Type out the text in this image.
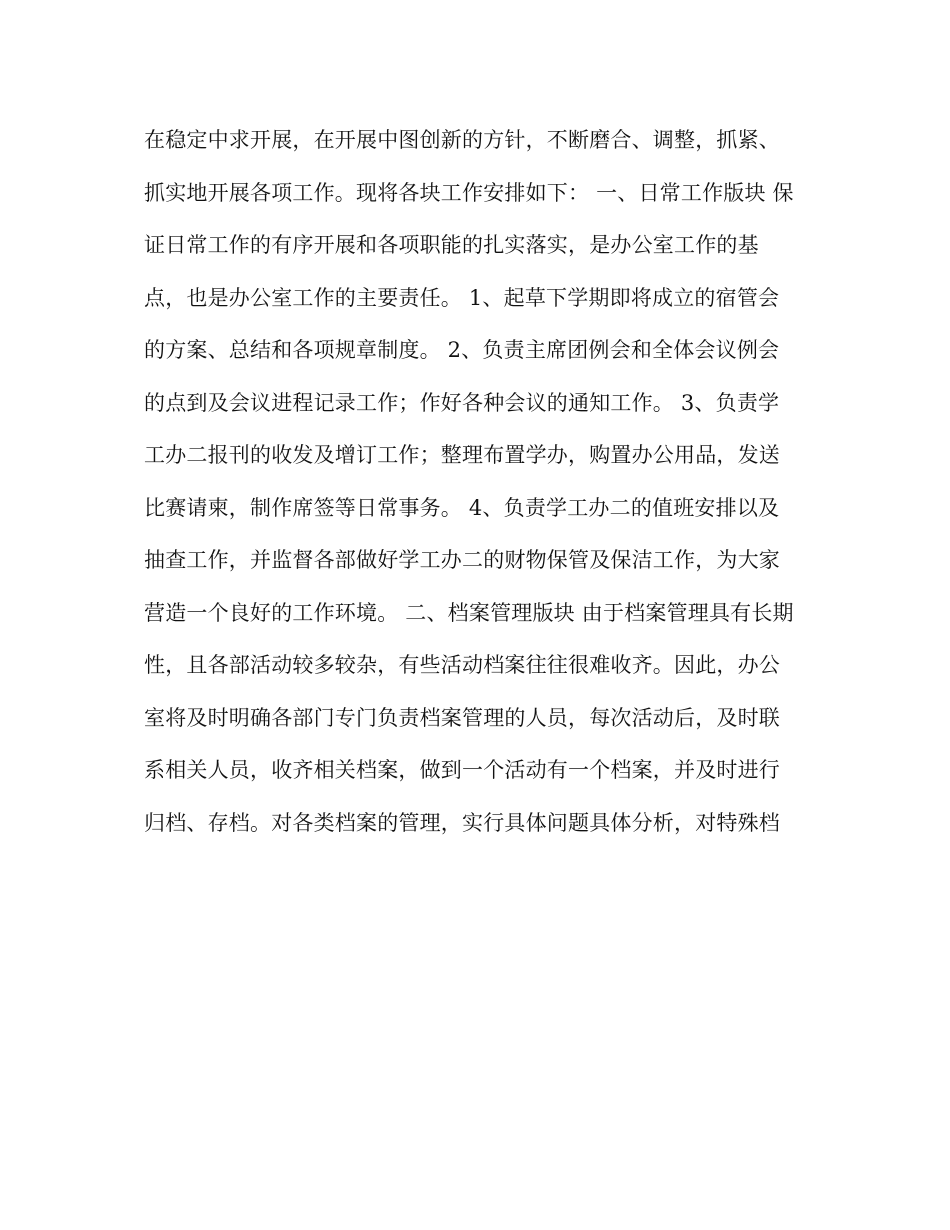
在稳定中求开展，在开展中图创新的方针，不断磨合、调整，抓紧、
抓实地开展各项工作。现将各块工作安排如下： 一、日常工作版块 保
证日常工作的有序开展和各项职能的扎实落实，是办公室工作的基
点，也是办公室工作的主要责任。 1、起草下学期即将成立的宿管会
的方案、总结和各项规章制度。 2、负责主席团例会和全体会议例会
的点到及会议进程记录工作；作好各种会议的通知工作。 3、负责学
工办二报刊的收发及增订工作；整理布置学办，购置办公用品，发送
比赛请柬，制作席签等日常事务。 4、负责学工办二的值班安排以及
抽查工作，并监督各部做好学工办二的财物保管及保洁工作，为大家
营造一个良好的工作环境。 二、档案管理版块 由于档案管理具有长期
性，且各部活动较多较杂，有些活动档案往往很难收齐。因此，办公
室将及时明确各部门专门负责档案管理的人员，每次活动后，及时联
系相关人员，收齐相关档案，做到一个活动有一个档案，并及时进行
归档、存档。对各类档案的管理，实行具体问题具体分析，对特殊档
